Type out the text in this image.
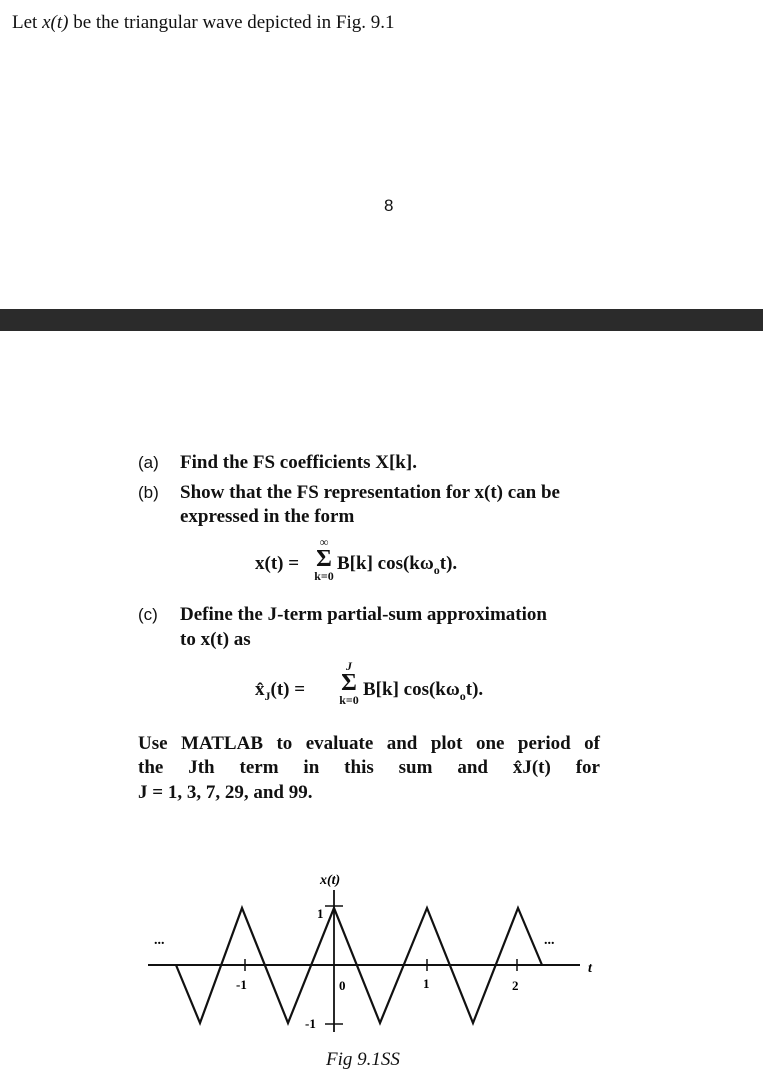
Let x(t) be the triangular wave depicted in Fig. 9.1
8
(a) Find the FS coefficients X[k].
(b) Show that the FS representation for x(t) can be
expressed in the form
x(t) =
∞
Σ
k=0
B[k] $\cos(k\omega_ot)$.
(c) Define the J-term partial-sum approximation
to x(t) as
$x̂_J(t)$ =
J
Σ
k=0 B[k] $\cos(k\omega_ot)$.
Use MATLAB to evaluate and plot one period of
the Jth term in this sum and x̂J(t) for
J = 1, 3, 7, 29, and 99.
x(t)
t
1
-1
-1	0	1	2
...	...
Fig 9.1SS
